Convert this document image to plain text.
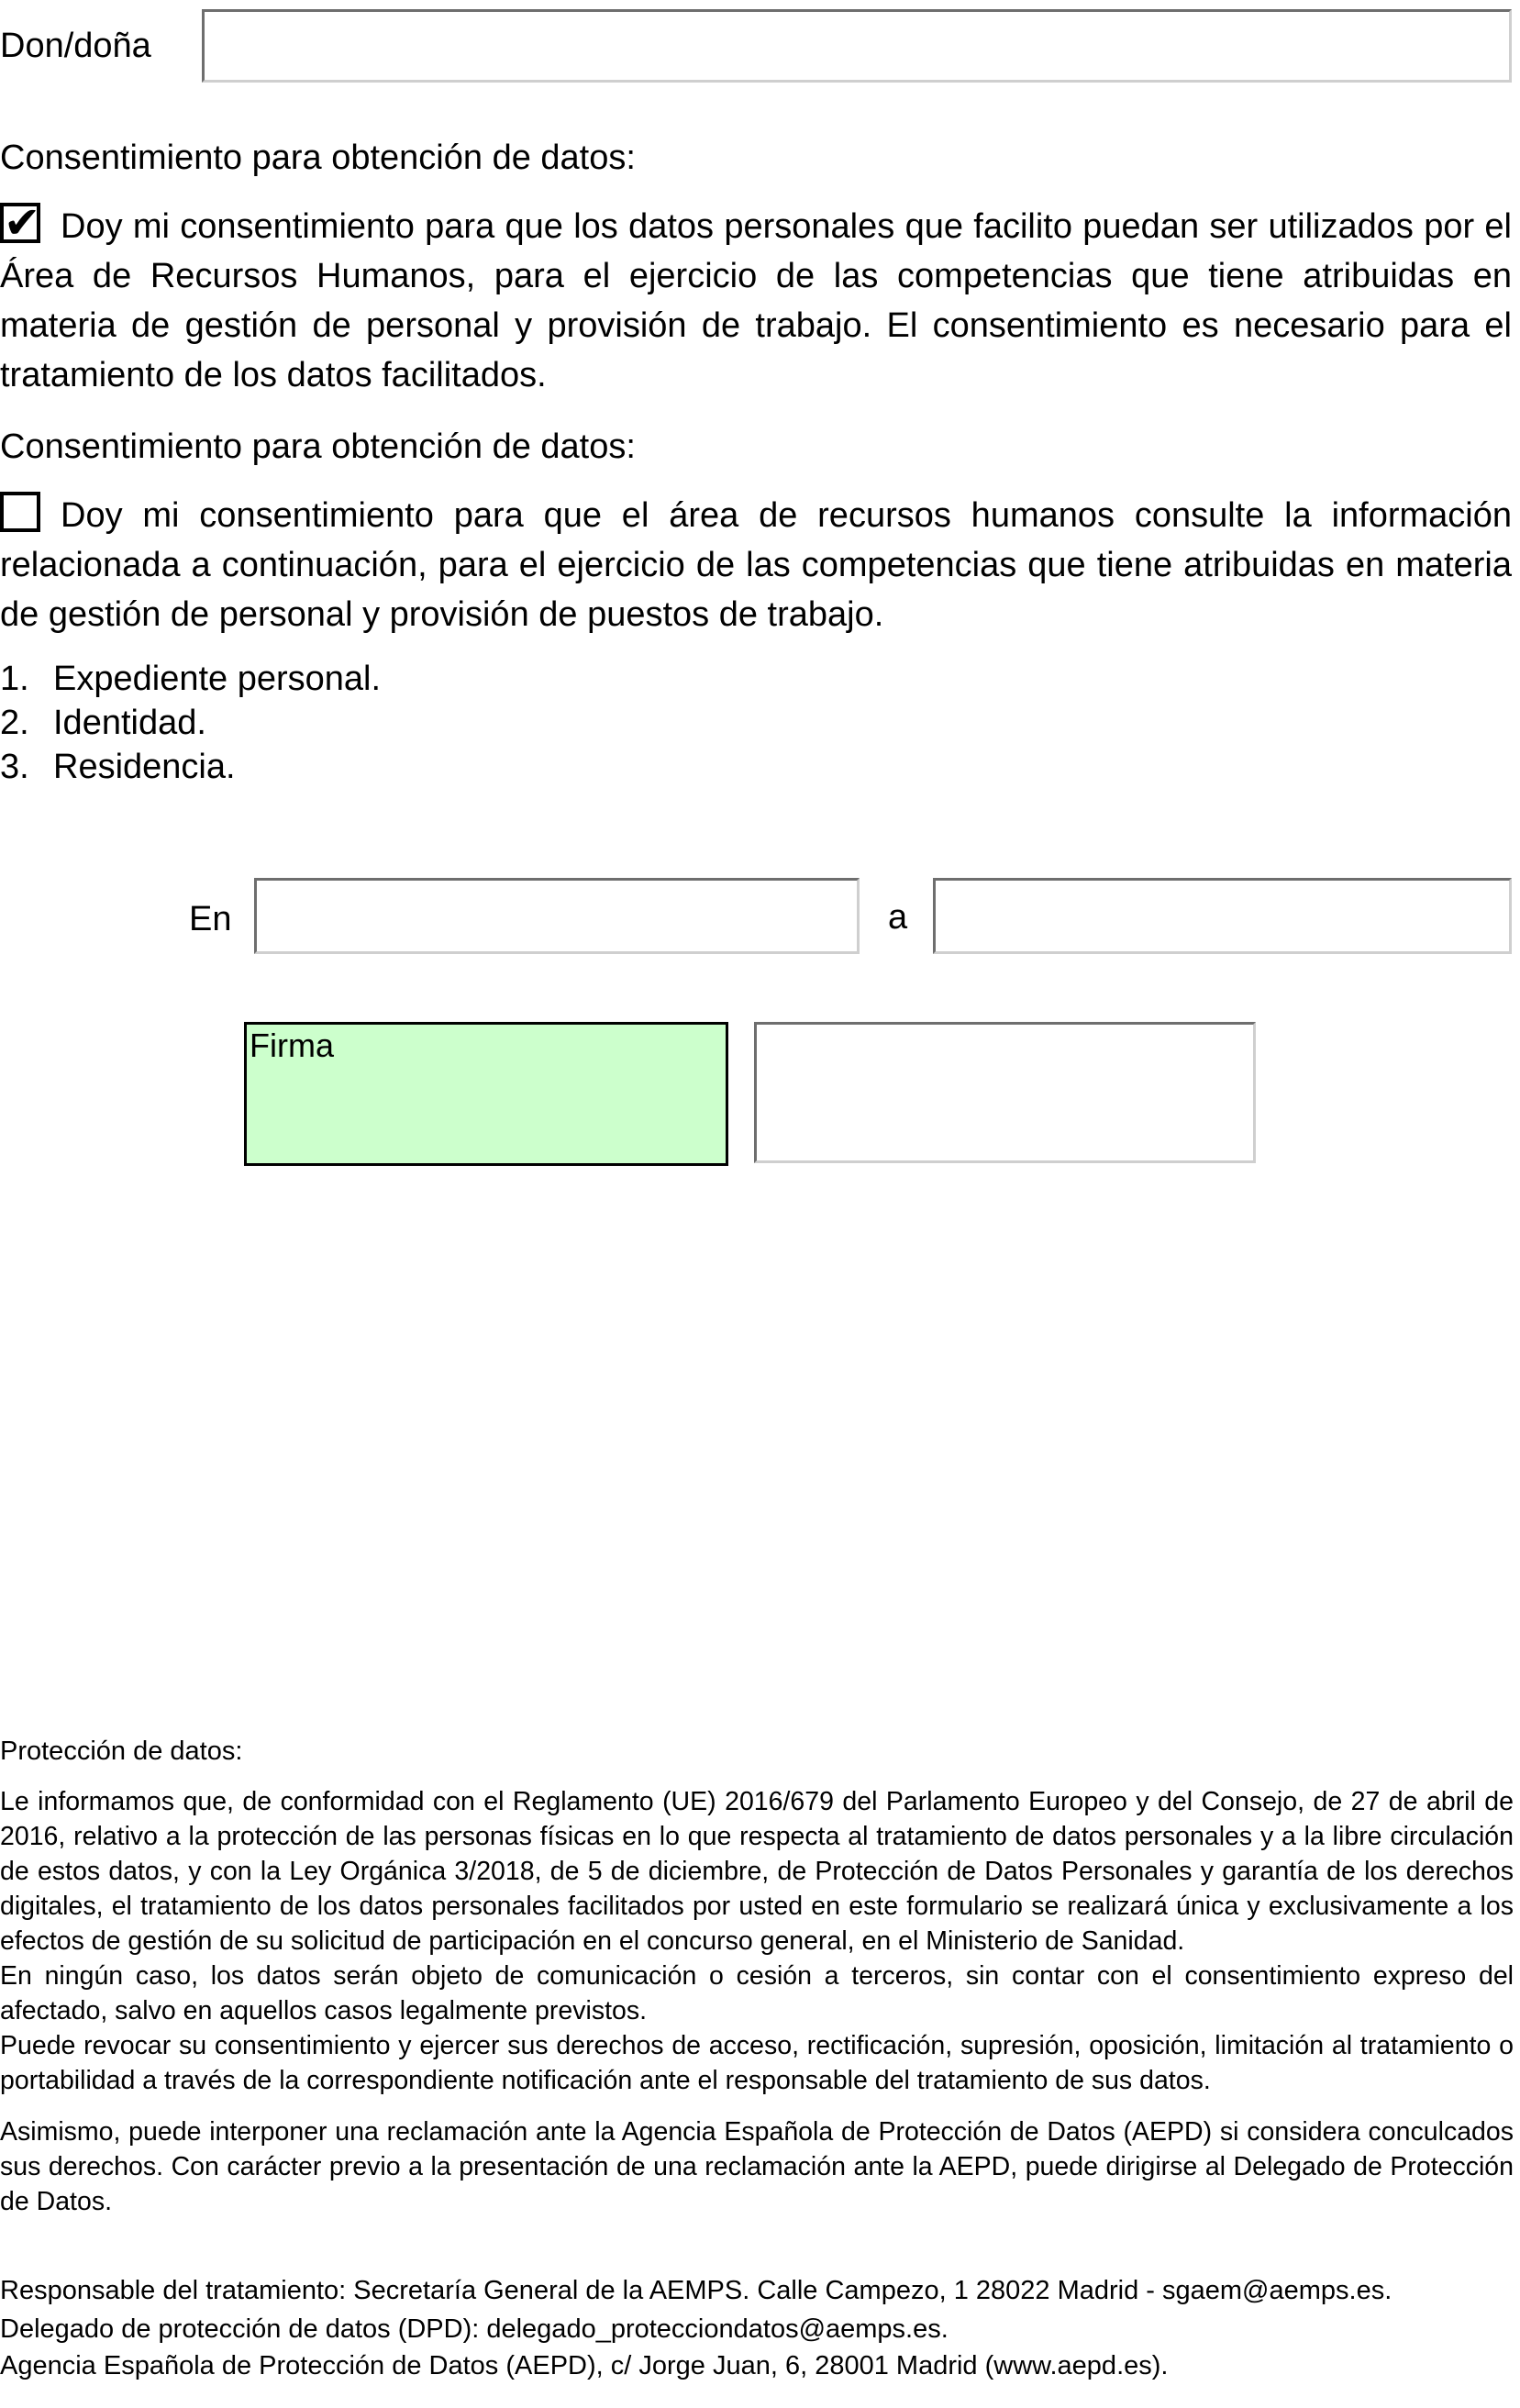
Don/doña
Consentimiento para obtención de datos:
✔ Doy mi consentimiento para que los datos personales que facilito puedan ser utilizados por el Área de Recursos Humanos, para el ejercicio de las competencias que tiene atribuidas en materia de gestión de personal y provisión de trabajo. El consentimiento es necesario para el tratamiento de los datos facilitados.
Consentimiento para obtención de datos:
Doy mi consentimiento para que el área de recursos humanos consulte la información relacionada a continuación, para el ejercicio de las competencias que tiene atribuidas en materia de gestión de personal y provisión de puestos de trabajo.
1. Expediente personal.
2. Identidad.
3. Residencia.
En	a
Firma
Protección de datos:

Le informamos que, de conformidad con el Reglamento (UE) 2016/679 del Parlamento Europeo y del Consejo, de 27 de abril de 2016, relativo a la protección de las personas físicas en lo que respecta al tratamiento de datos personales y a la libre circulación de estos datos, y con la Ley Orgánica 3/2018, de 5 de diciembre, de Protección de Datos Personales y garantía de los derechos digitales, el tratamiento de los datos personales facilitados por usted en este formulario se realizará única y exclusivamente a los efectos de gestión de su solicitud de participación en el concurso general, en el Ministerio de Sanidad.

En ningún caso, los datos serán objeto de comunicación o cesión a terceros, sin contar con el consentimiento expreso del afectado, salvo en aquellos casos legalmente previstos.

Puede revocar su consentimiento y ejercer sus derechos de acceso, rectificación, supresión, oposición, limitación al tratamiento o portabilidad a través de la correspondiente notificación ante el responsable del tratamiento de sus datos.

Asimismo, puede interponer una reclamación ante la Agencia Española de Protección de Datos (AEPD) si considera conculcados sus derechos. Con carácter previo a la presentación de una reclamación ante la AEPD, puede dirigirse al Delegado de Protección de Datos.

Responsable del tratamiento: Secretaría General de la AEMPS. Calle Campezo, 1 28022 Madrid - sgaem@aemps.es.
Delegado de protección de datos (DPD): delegado_protecciondatos@aemps.es.
Agencia Española de Protección de Datos (AEPD), c/ Jorge Juan, 6, 28001 Madrid (www.aepd.es).
